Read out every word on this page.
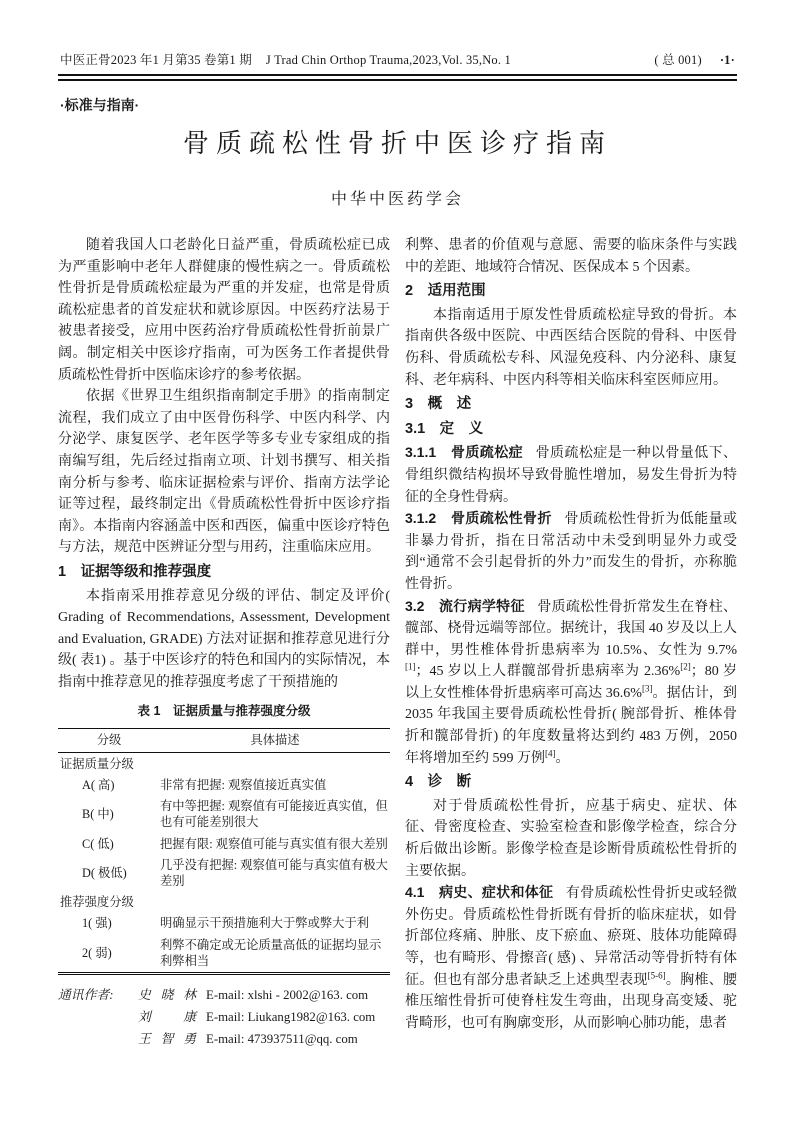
中医正骨2023 年1 月第35 卷第1 期 J Trad Chin Orthop Trauma,2023,Vol. 35,No. 1	( 总 001) ·1·
·标准与指南·
骨质疏松性骨折中医诊疗指南
中华中医药学会

随着我国人口老龄化日益严重，骨质疏松症已成为严重影响中老年人群健康的慢性病之一。骨质疏松性骨折是骨质疏松症最为严重的并发症，也常是骨质疏松症患者的首发症状和就诊原因。中医药疗法易于被患者接受，应用中医药治疗骨质疏松性骨折前景广阔。制定相关中医诊疗指南，可为医务工作者提供骨质疏松性骨折中医临床诊疗的参考依据。

依据《世界卫生组织指南制定手册》的指南制定流程，我们成立了由中医骨伤科学、中医内科学、内分泌学、康复医学、老年医学等多专业专家组成的指南编写组，先后经过指南立项、计划书撰写、相关指南分析与参考、临床证据检索与评价、指南方法学论证等过程，最终制定出《骨质疏松性骨折中医诊疗指南》。本指南内容涵盖中医和西医，偏重中医诊疗特色与方法，规范中医辨证分型与用药，注重临床应用。

1　证据等级和推荐强度

本指南采用推荐意见分级的评估、制定及评价( Grading of Recommendations, Assessment, Development and Evaluation, GRADE) 方法对证据和推荐意见进行分级( 表1) 。基于中医诊疗的特色和国内的实际情况，本指南中推荐意见的推荐强度考虑了干预措施的

表 1　证据质量与推荐强度分级
分级	具体描述
证据质量分级	
A( 高)	非常有把握: 观察值接近真实值
B( 中)	有中等把握: 观察值有可能接近真实值，但也有可能差别很大
C( 低)	把握有限: 观察值可能与真实值有很大差别
D( 极低)	几乎没有把握: 观察值可能与真实值有极大差别
推荐强度分级	
1( 强)	明确显示干预措施利大于弊或弊大于利
2( 弱)	利弊不确定或无论质量高低的证据均显示利弊相当
通讯作者:	史晓林 E-mail: xlshi - 2002@163. com
刘　康 E-mail: Liukang1982@163. com
王智勇 E-mail: 473937511@qq. com

利弊、患者的价值观与意愿、需要的临床条件与实践中的差距、地域符合情况、医保成本 5 个因素。

2　适用范围

本指南适用于原发性骨质疏松症导致的骨折。本指南供各级中医院、中西医结合医院的骨科、中医骨伤科、骨质疏松专科、风湿免疫科、内分泌科、康复科、老年病科、中医内科等相关临床科室医师应用。

3　概　述
3.1　定　义

3.1.1　骨质疏松症 骨质疏松症是一种以骨量低下、骨组织微结构损坏导致骨脆性增加，易发生骨折为特征的全身性骨病。

3.1.2　骨质疏松性骨折 骨质疏松性骨折为低能量或非暴力骨折，指在日常活动中未受到明显外力或受到“通常不会引起骨折的外力”而发生的骨折，亦称脆性骨折。

3.2　流行病学特征 骨质疏松性骨折常发生在脊柱、髋部、桡骨远端等部位。据统计，我国 40 岁及以上人群中，男性椎体骨折患病率为 10.5%、女性为 9.7%[1]；45 岁以上人群髋部骨折患病率为 2.36%[2]；80 岁以上女性椎体骨折患病率可高达 36.6%[3]。据估计，到 2035 年我国主要骨质疏松性骨折( 腕部骨折、椎体骨折和髋部骨折) 的年度数量将达到约 483 万例，2050 年将增加至约 599 万例[4]。

4　诊　断

对于骨质疏松性骨折，应基于病史、症状、体征、骨密度检查、实验室检查和影像学检查，综合分析后做出诊断。影像学检查是诊断骨质疏松性骨折的主要依据。

4.1　病史、症状和体征 有骨质疏松性骨折史或轻微外伤史。骨质疏松性骨折既有骨折的临床症状，如骨折部位疼痛、肿胀、皮下瘀血、瘀斑、肢体功能障碍等，也有畸形、骨擦音( 感) 、异常活动等骨折特有体征。但也有部分患者缺乏上述典型表现[5-6]。胸椎、腰椎压缩性骨折可使脊柱发生弯曲，出现身高变矮、驼背畸形，也可有胸廓变形，从而影响心肺功能，患者
